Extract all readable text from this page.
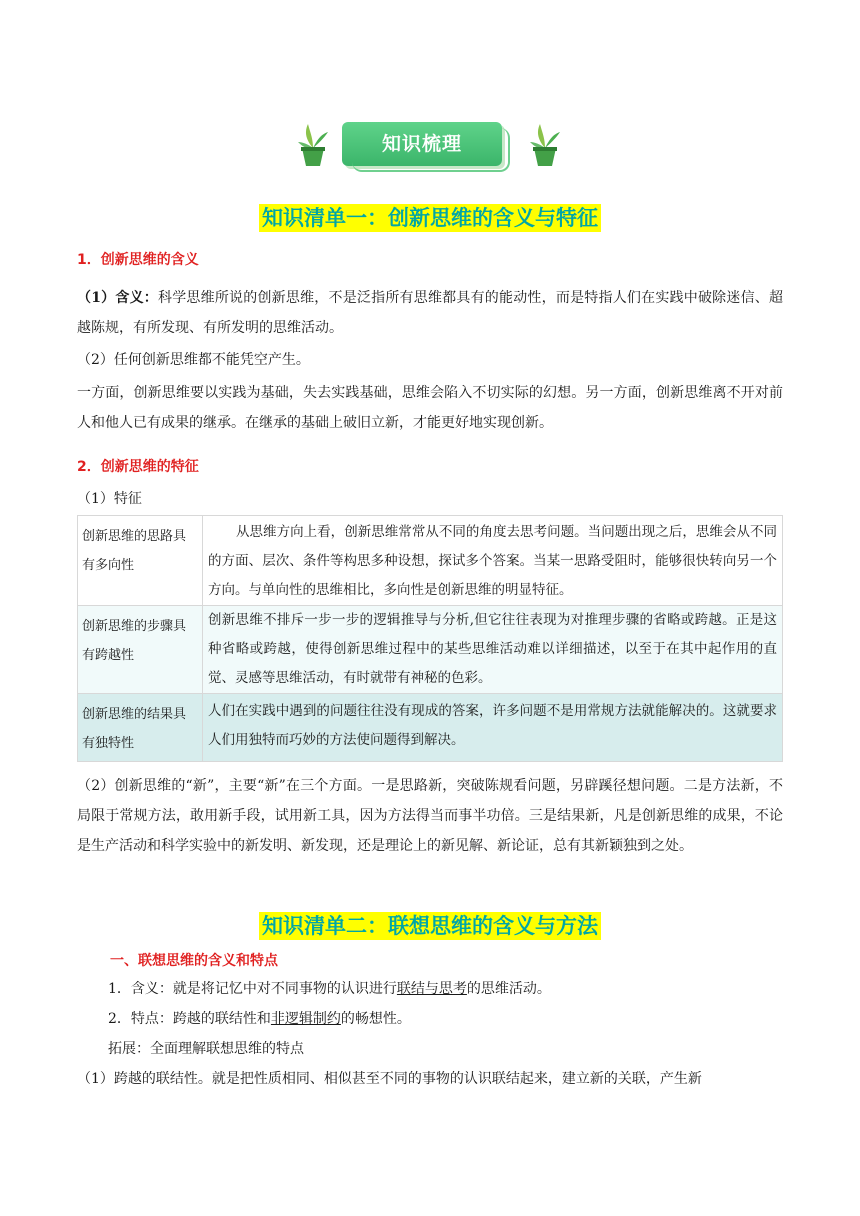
知识梳理
知识清单一：创新思维的含义与特征
1．创新思维的含义
（1）含义：科学思维所说的创新思维，不是泛指所有思维都具有的能动性，而是特指人们在实践中破除迷信、超越陈规，有所发现、有所发明的思维活动。
（2）任何创新思维都不能凭空产生。
一方面，创新思维要以实践为基础，失去实践基础，思维会陷入不切实际的幻想。另一方面，创新思维离不开对前人和他人已有成果的继承。在继承的基础上破旧立新，才能更好地实现创新。
2．创新思维的特征
（1）特征
创新思维的思路具有多向性	从思维方向上看，创新思维常常从不同的角度去思考问题。当问题出现之后，思维会从不同的方面、层次、条件等构思多种设想，探试多个答案。当某一思路受阻时，能够很快转向另一个方向。与单向性的思维相比，多向性是创新思维的明显特征。
创新思维的步骤具有跨越性	创新思维不排斥一步一步的逻辑推导与分析,但它往往表现为对推理步骤的省略或跨越。正是这种省略或跨越，使得创新思维过程中的某些思维活动难以详细描述，以至于在其中起作用的直觉、灵感等思维活动，有时就带有神秘的色彩。
创新思维的结果具有独特性	人们在实践中遇到的问题往往没有现成的答案，许多问题不是用常规方法就能解决的。这就要求人们用独特而巧妙的方法使问题得到解决。
（2）创新思维的“新”，主要“新”在三个方面。一是思路新，突破陈规看问题，另辟蹊径想问题。二是方法新，不局限于常规方法，敢用新手段，试用新工具，因为方法得当而事半功倍。三是结果新，凡是创新思维的成果，不论是生产活动和科学实验中的新发明、新发现，还是理论上的新见解、新论证，总有其新颖独到之处。
知识清单二：联想思维的含义与方法
一、联想思维的含义和特点
1．含义：就是将记忆中对不同事物的认识进行联结与思考的思维活动。
2．特点：跨越的联结性和非逻辑制约的畅想性。
拓展：全面理解联想思维的特点
（1）跨越的联结性。就是把性质相同、相似甚至不同的事物的认识联结起来，建立新的关联，产生新
